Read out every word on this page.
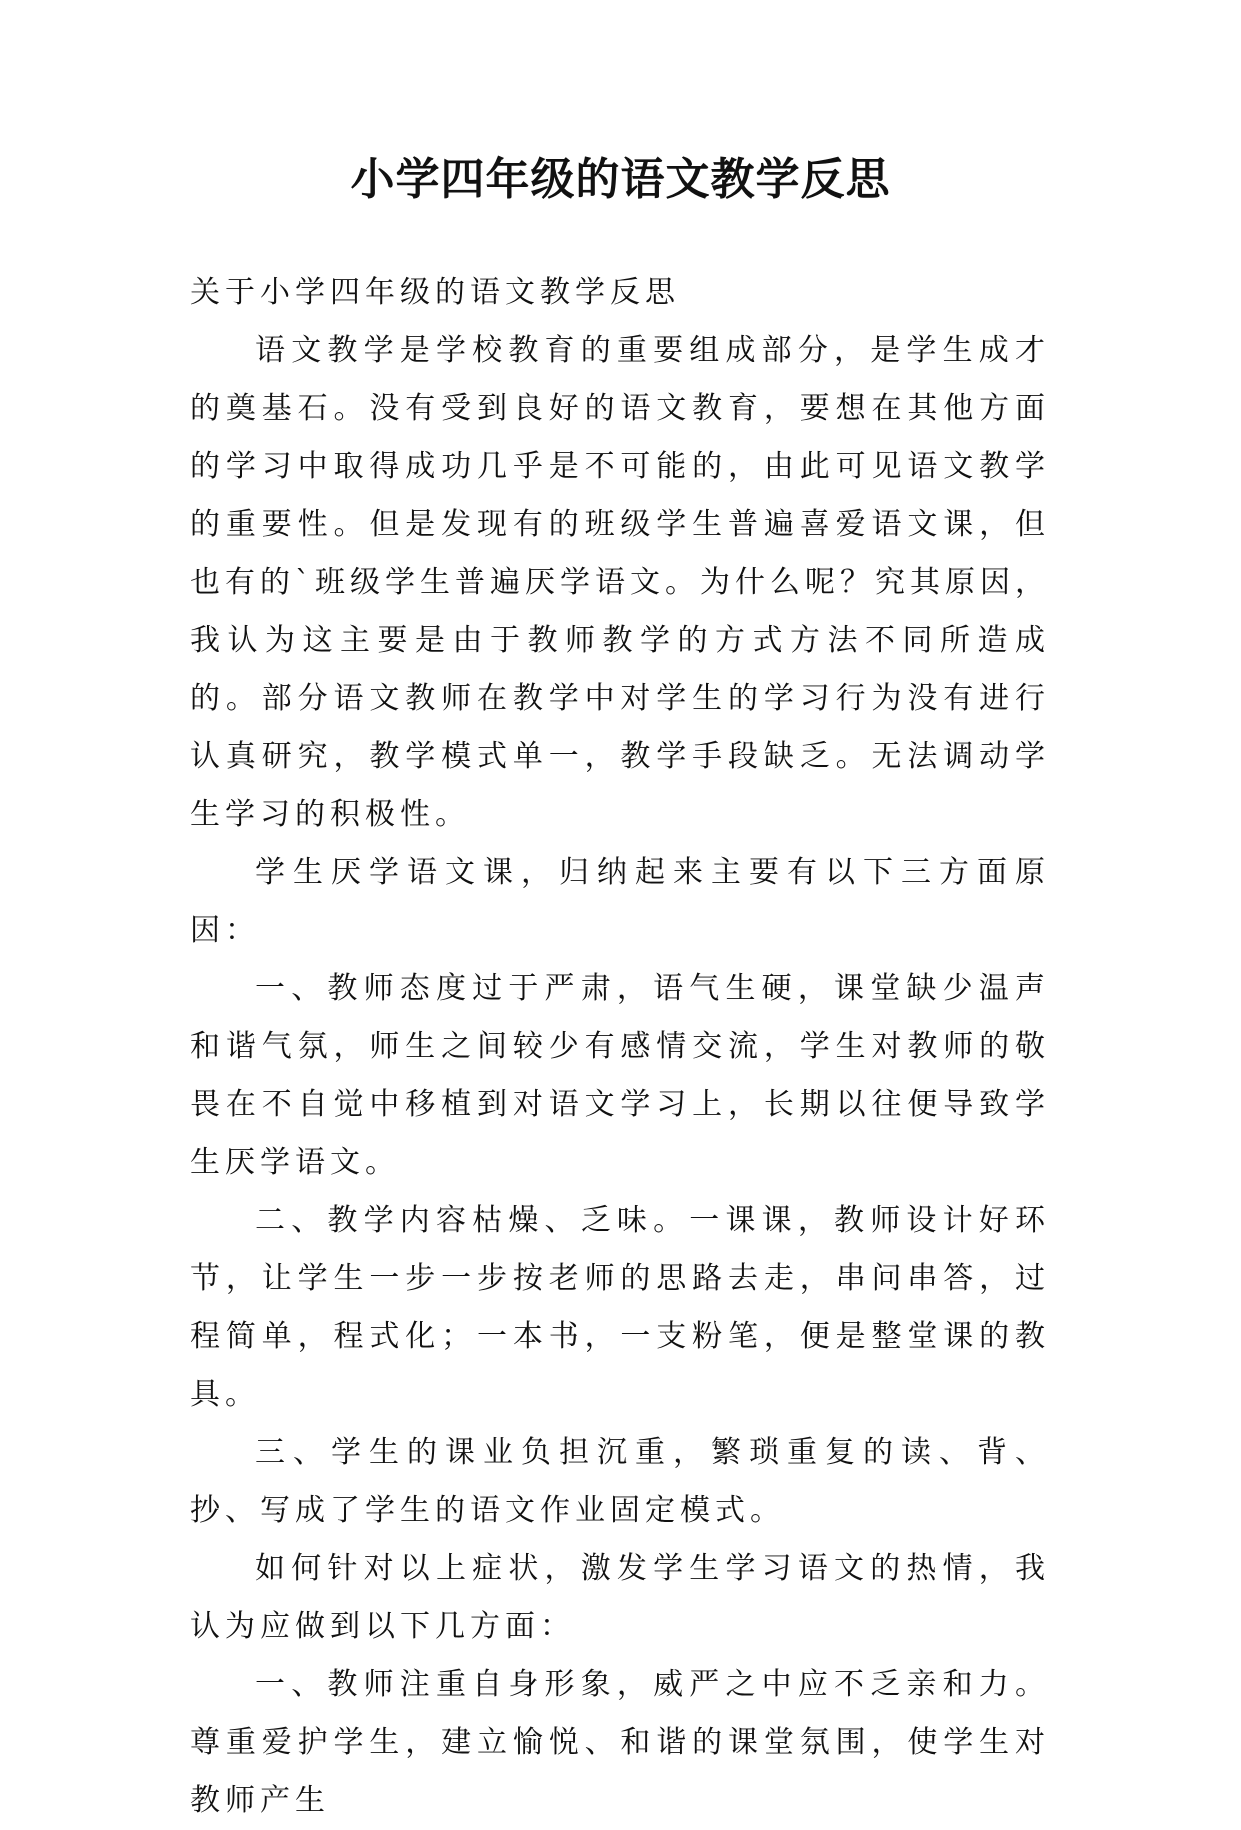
小学四年级的语文教学反思

关于小学四年级的语文教学反思

语文教学是学校教育的重要组成部分，是学生成才的奠基石。没有受到良好的语文教育，要想在其他方面的学习中取得成功几乎是不可能的，由此可见语文教学的重要性。但是发现有的班级学生普遍喜爱语文课，但也有的`班级学生普遍厌学语文。为什么呢？究其原因，我认为这主要是由于教师教学的方式方法不同所造成的。部分语文教师在教学中对学生的学习行为没有进行认真研究，教学模式单一，教学手段缺乏。无法调动学生学习的积极性。

学生厌学语文课，归纳起来主要有以下三方面原因：

一、教师态度过于严肃，语气生硬，课堂缺少温声和谐气氛，师生之间较少有感情交流，学生对教师的敬畏在不自觉中移植到对语文学习上，长期以往便导致学生厌学语文。

二、教学内容枯燥、乏味。一课课，教师设计好环节，让学生一步一步按老师的思路去走，串问串答，过程简单，程式化；一本书，一支粉笔，便是整堂课的教具。

三、学生的课业负担沉重，繁琐重复的读、背、抄、写成了学生的语文作业固定模式。

如何针对以上症状，激发学生学习语文的热情，我认为应做到以下几方面：

一、教师注重自身形象，威严之中应不乏亲和力。尊重爱护学生，建立愉悦、和谐的课堂氛围，使学生对教师产生
